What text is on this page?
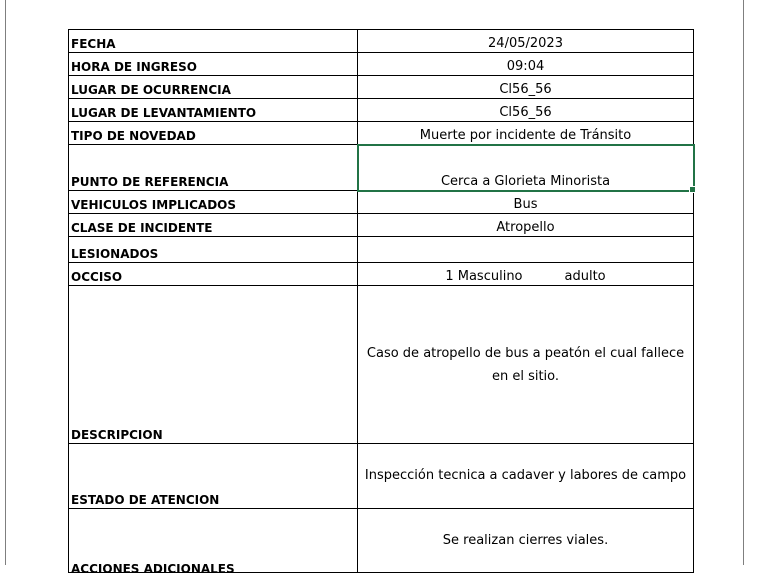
FECHA	24/05/2023
HORA DE INGRESO	09:04
LUGAR DE OCURRENCIA	Cl56_56
LUGAR DE LEVANTAMIENTO	Cl56_56
TIPO DE NOVEDAD	Muerte por incidente de Tránsito
PUNTO DE REFERENCIA	Cerca a Glorieta Minorista

VEHICULOS IMPLICADOS	Bus
CLASE DE INCIDENTE	Atropello
LESIONADOS	
OCCISO	1 Masculino adulto
DESCRIPCION	Caso de atropello de bus a peatón el cual fallece en el sitio.
ESTADO DE ATENCION	Inspección tecnica a cadaver y labores de campo
ACCIONES ADICIONALES	Se realizan cierres viales.
